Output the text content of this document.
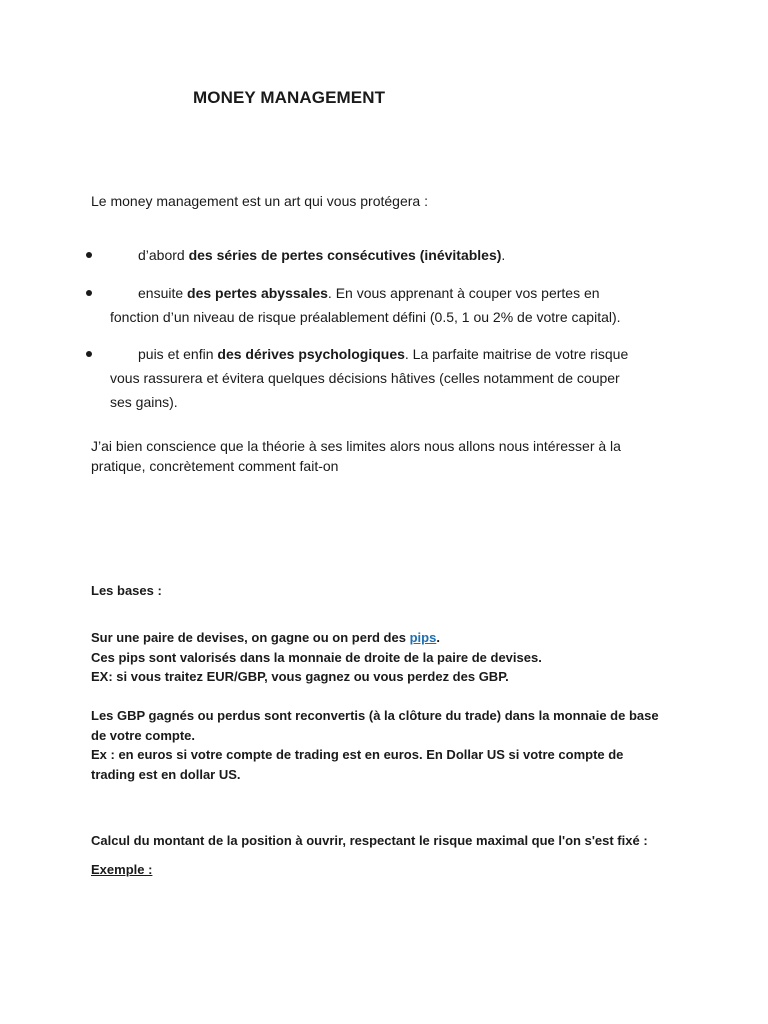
MONEY MANAGEMENT
Le money management est un art qui vous protégera :
d’abord des séries de pertes consécutives (inévitables).
ensuite des pertes abyssales. En vous apprenant à couper vos pertes en
fonction d’un niveau de risque préalablement défini (0.5, 1 ou 2% de votre capital).
puis et enfin des dérives psychologiques. La parfaite maitrise de votre risque
vous rassurera et évitera quelques décisions hâtives (celles notamment de couper
ses gains).
J’ai bien conscience que la théorie à ses limites alors nous allons nous intéresser à la
pratique, concrètement comment fait-on
Les bases :
Sur une paire de devises, on gagne ou on perd des pips.
Ces pips sont valorisés dans la monnaie de droite de la paire de devises.
EX: si vous traitez EUR/GBP, vous gagnez ou vous perdez des GBP.
Les GBP gagnés ou perdus sont reconvertis (à la clôture du trade) dans la monnaie de base
de votre compte.
Ex : en euros si votre compte de trading est en euros. En Dollar US si votre compte de
trading est en dollar US.
Calcul du montant de la position à ouvrir, respectant le risque maximal que l'on s'est fixé :
Exemple :
